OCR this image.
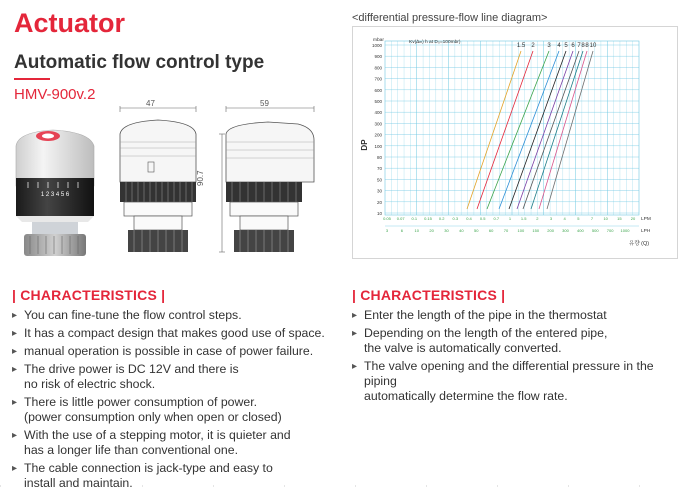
Actuator
Automatic flow control type
HMV-900v.2
1 2 3 4 5 6
47	59
90.7
<differential pressure-flow line diagram>
1000
900
800
700
600
500
400
300
200
100
80
70
50
30
20
10
mbar	Kv(∆ₘ) h at D₀=100mbr)
DP
1.5 2 3 4 5 6 7 8 8 10
0.05 0.07 0.1 0.15 0.2 0.3 0.4 0.5 0.7 1 1.5 2	3	4	5	7	10 15 20 LPM
3	6	10	20	30	40	50	60	70 100 150 200 300 400 500 700 1000 LPH
유량 (Q)
| CHARACTERISTICS |
▸ You can fine-tune the flow control steps.
▸ It has a compact design that makes good use of space.
▸ manual operation is possible in case of power failure.
▸ The drive power is DC 12V and there is
no risk of electric shock.
▸ There is little power consumption of power.
(power consumption only when open or closed)
▸ With the use of a stepping motor, it is quieter and
has a longer life than conventional one.
▸ The cable connection is jack-type and easy to
install and maintain.
| CHARACTERISTICS |
▸ Enter the length of the pipe in the thermostat
▸ Depending on the length of the entered pipe,
the valve is automatically converted.
▸ The valve opening and the differential pressure in the piping
automatically determine the flow rate.
